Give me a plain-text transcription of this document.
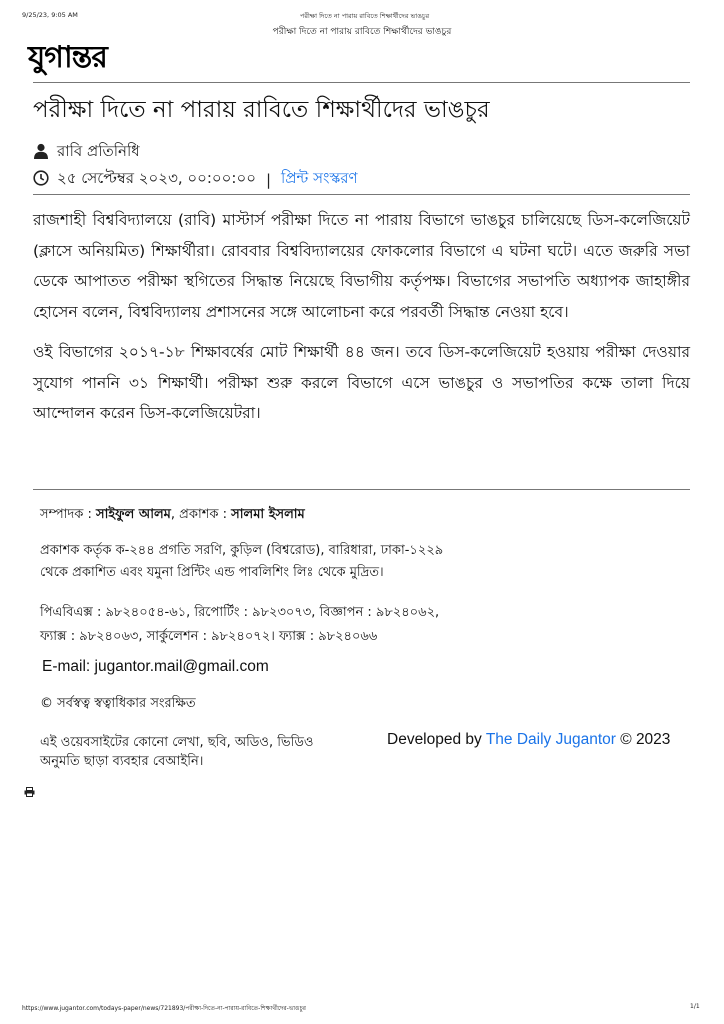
9/25/23, 9:05 AM	পরীক্ষা দিতে না পারায় রাবিতে শিক্ষার্থীদের ভাঙচুর
পরীক্ষা দিতে না পারায় রাবিতে শিক্ষার্থীদের ভাঙচুর
যুগান্তর
পরীক্ষা দিতে না পারায় রাবিতে শিক্ষার্থীদের ভাঙচুর
রাবি প্রতিনিধি
২৫ সেপ্টেম্বর ২০২৩, ০০:০০:০০ | প্রিন্ট সংস্করণ

রাজশাহী বিশ্ববিদ্যালয়ে (রাবি) মাস্টার্স পরীক্ষা দিতে না পারায় বিভাগে ভাঙচুর চালিয়েছে ডিস-কলেজিয়েট (ক্লাসে অনিয়মিত) শিক্ষার্থীরা। রোববার বিশ্ববিদ্যালয়ের ফোকলোর বিভাগে এ ঘটনা ঘটে। এতে জরুরি সভা ডেকে আপাতত পরীক্ষা স্থগিতের সিদ্ধান্ত নিয়েছে বিভাগীয় কর্তৃপক্ষ। বিভাগের সভাপতি অধ্যাপক জাহাঙ্গীর হোসেন বলেন, বিশ্ববিদ্যালয় প্রশাসনের সঙ্গে আলোচনা করে পরবর্তী সিদ্ধান্ত নেওয়া হবে।

ওই বিভাগের ২০১৭-১৮ শিক্ষাবর্ষের মোট শিক্ষার্থী ৪৪ জন। তবে ডিস-কলেজিয়েট হওয়ায় পরীক্ষা দেওয়ার সুযোগ পাননি ৩১ শিক্ষার্থী। পরীক্ষা শুরু করলে বিভাগে এসে ভাঙচুর ও সভাপতির কক্ষে তালা দিয়ে আন্দোলন করেন ডিস-কলেজিয়েটরা।

সম্পাদক : সাইফুল আলম, প্রকাশক : সালমা ইসলাম
প্রকাশক কর্তৃক ক-২৪৪ প্রগতি সরণি, কুড়িল (বিশ্বরোড), বারিধারা, ঢাকা-১২২৯
থেকে প্রকাশিত এবং যমুনা প্রিন্টিং এন্ড পাবলিশিং লিঃ থেকে মুদ্রিত।
পিএবিএক্স : ৯৮২৪০৫৪-৬১, রিপোর্টিং : ৯৮২৩০৭৩, বিজ্ঞাপন : ৯৮২৪০৬২,
ফ্যাক্স : ৯৮২৪০৬৩, সার্কুলেশন : ৯৮২৪০৭২। ফ্যাক্স : ৯৮২৪০৬৬
E-mail: jugantor.mail@gmail.com
© সর্বস্বত্ব স্বত্বাধিকার সংরক্ষিত
এই ওয়েবসাইটের কোনো লেখা, ছবি, অডিও, ভিডিও
অনুমতি ছাড়া ব্যবহার বেআইনি।
Developed by The Daily Jugantor © 2023
https://www.jugantor.com/todays-paper/news/721893/পরীক্ষা-দিতে-না-পারায়-রাবিতে-শিক্ষার্থীদের-ভাঙচুর	1/1
